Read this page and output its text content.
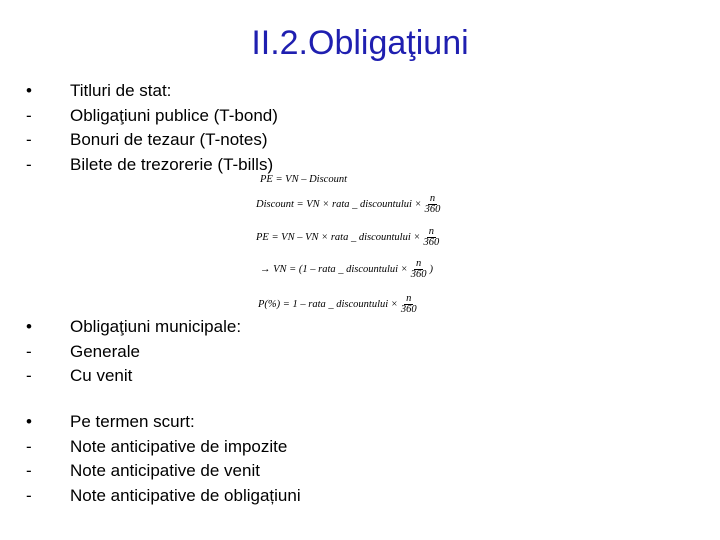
II.2.Obligaţiuni
•	Titluri de stat:
-	Obligaţiuni publice (T-bond)
-	Bonuri de tezaur (T-notes)
-	Bilete de trezorerie (T-bills)
PE = VN – Discount
Discount = VN × rata _ discountului × $\frac{n}{360}$
PE = VN – VN × rata _ discountului × $\frac{n}{360}$
→ VN = (1 – rata _ discountului × $\frac{n}{360}$ )
P(%) = 1 – rata _ discountului × $\frac{n}{360}$
•	Obligaţiuni municipale:
-	Generale
-	Cu venit
•	Pe termen scurt:
-	Note anticipative de impozite
-	Note anticipative de venit
-	Note anticipative de obligațiuni
